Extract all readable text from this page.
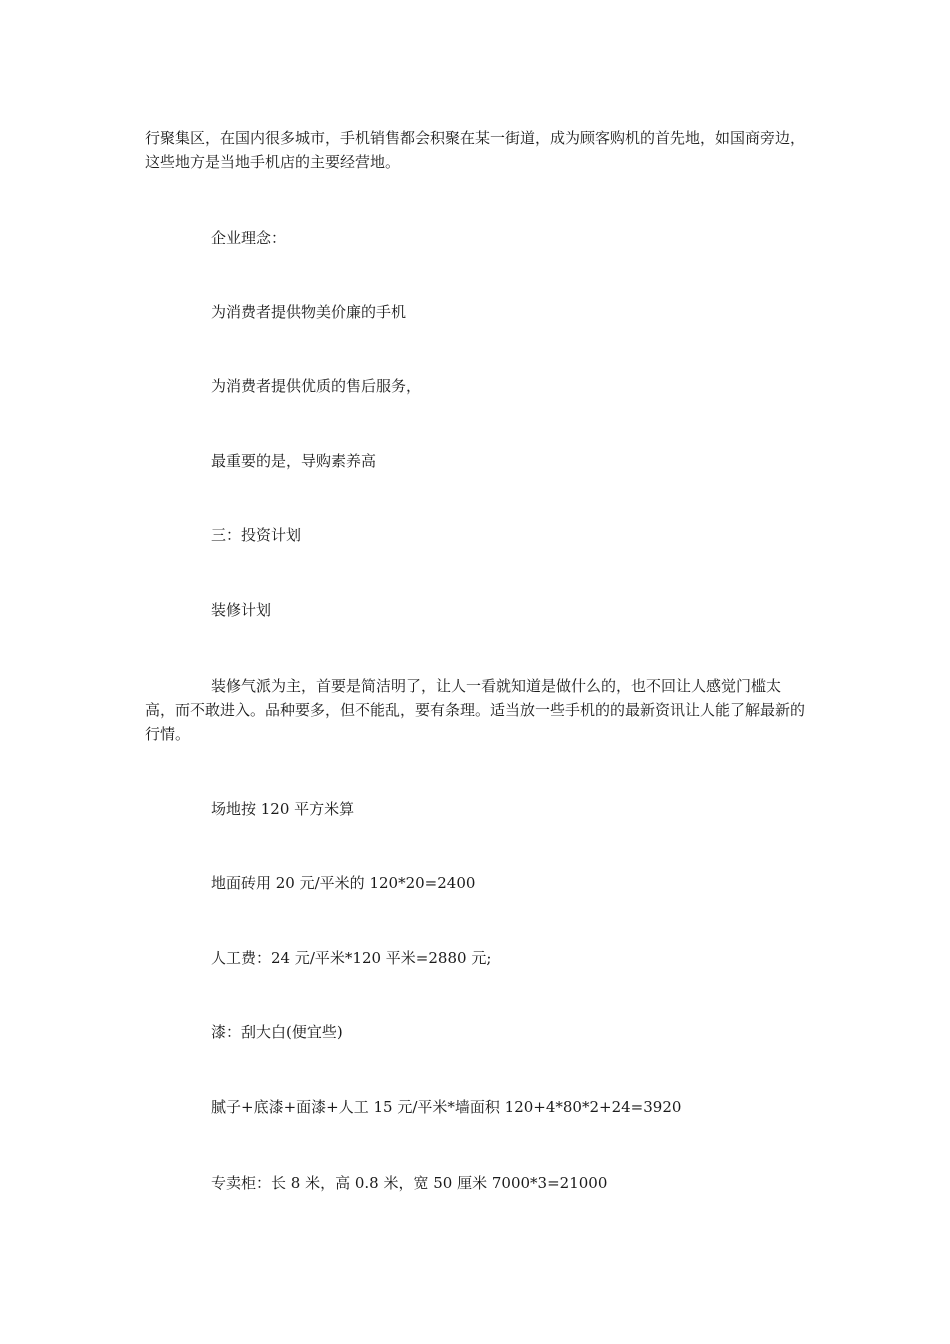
行聚集区，在国内很多城市，手机销售都会积聚在某一街道，成为顾客购机的首先地，如国商旁边，这些地方是当地手机店的主要经营地。

企业理念：

为消费者提供物美价廉的手机

为消费者提供优质的售后服务，

最重要的是，导购素养高

三：投资计划

装修计划

装修气派为主，首要是简洁明了，让人一看就知道是做什么的，也不回让人感觉门槛太高，而不敢进入。品种要多，但不能乱，要有条理。适当放一些手机的的最新资讯让人能了解最新的行情。

场地按 120 平方米算

地面砖用 20 元/平米的 120*20=2400

人工费：24 元/平米*120 平米=2880 元;

漆：刮大白(便宜些)

腻子+底漆+面漆+人工 15 元/平米*墙面积 120+4*80*2+24=3920

专卖柜：长 8 米，高 0.8 米，宽 50 厘米 7000*3=21000
